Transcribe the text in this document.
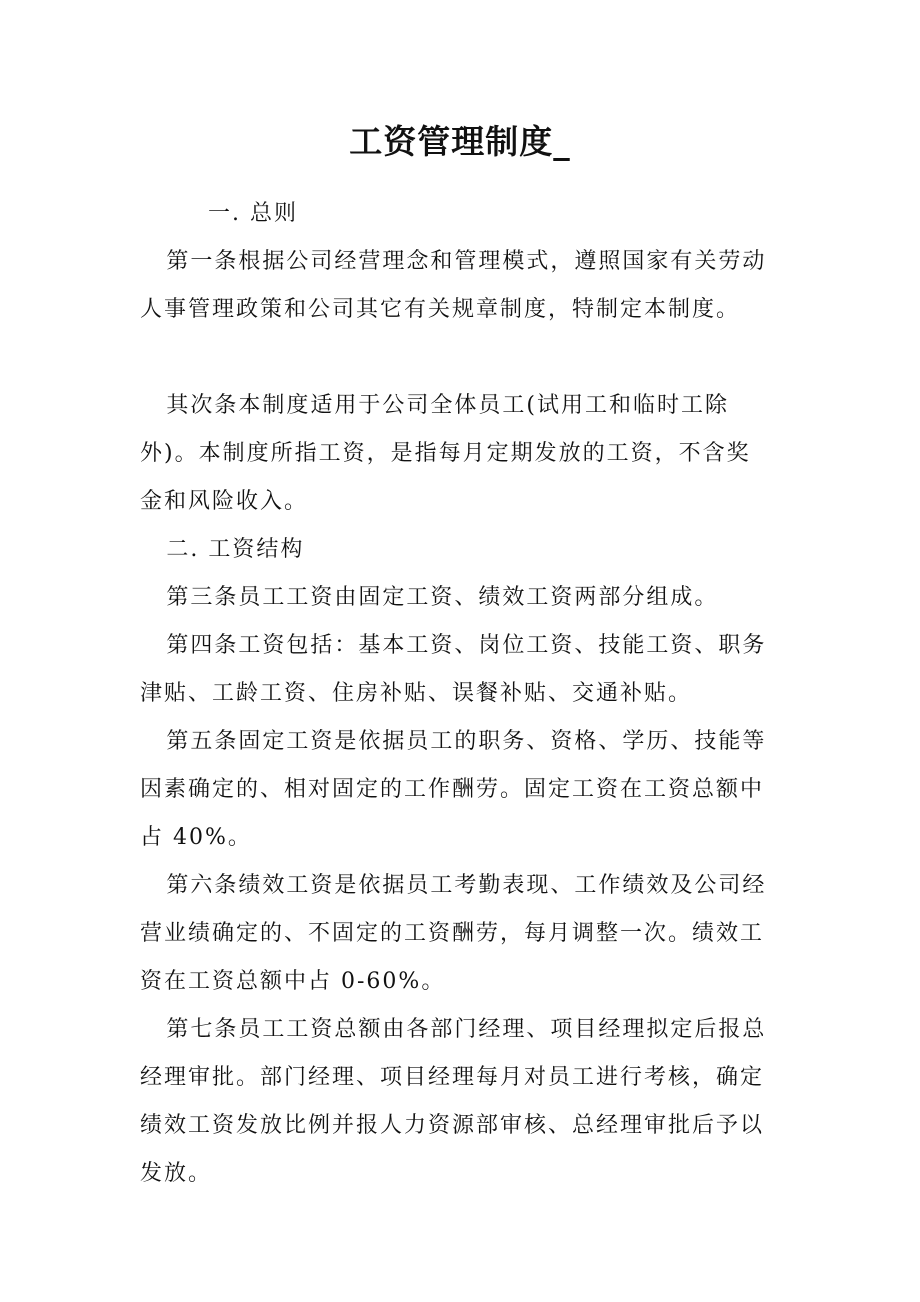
工资管理制度_

一. 总则

第一条根据公司经营理念和管理模式，遵照国家有关劳动人事管理政策和公司其它有关规章制度，特制定本制度。

其次条本制度适用于公司全体员工(试用工和临时工除外)。本制度所指工资，是指每月定期发放的工资，不含奖金和风险收入。

二. 工资结构

第三条员工工资由固定工资、绩效工资两部分组成。

第四条工资包括：基本工资、岗位工资、技能工资、职务津贴、工龄工资、住房补贴、误餐补贴、交通补贴。

第五条固定工资是依据员工的职务、资格、学历、技能等因素确定的、相对固定的工作酬劳。固定工资在工资总额中占 40%。

第六条绩效工资是依据员工考勤表现、工作绩效及公司经营业绩确定的、不固定的工资酬劳，每月调整一次。绩效工资在工资总额中占 0-60%。

第七条员工工资总额由各部门经理、项目经理拟定后报总经理审批。部门经理、项目经理每月对员工进行考核，确定绩效工资发放比例并报人力资源部审核、总经理审批后予以发放。
